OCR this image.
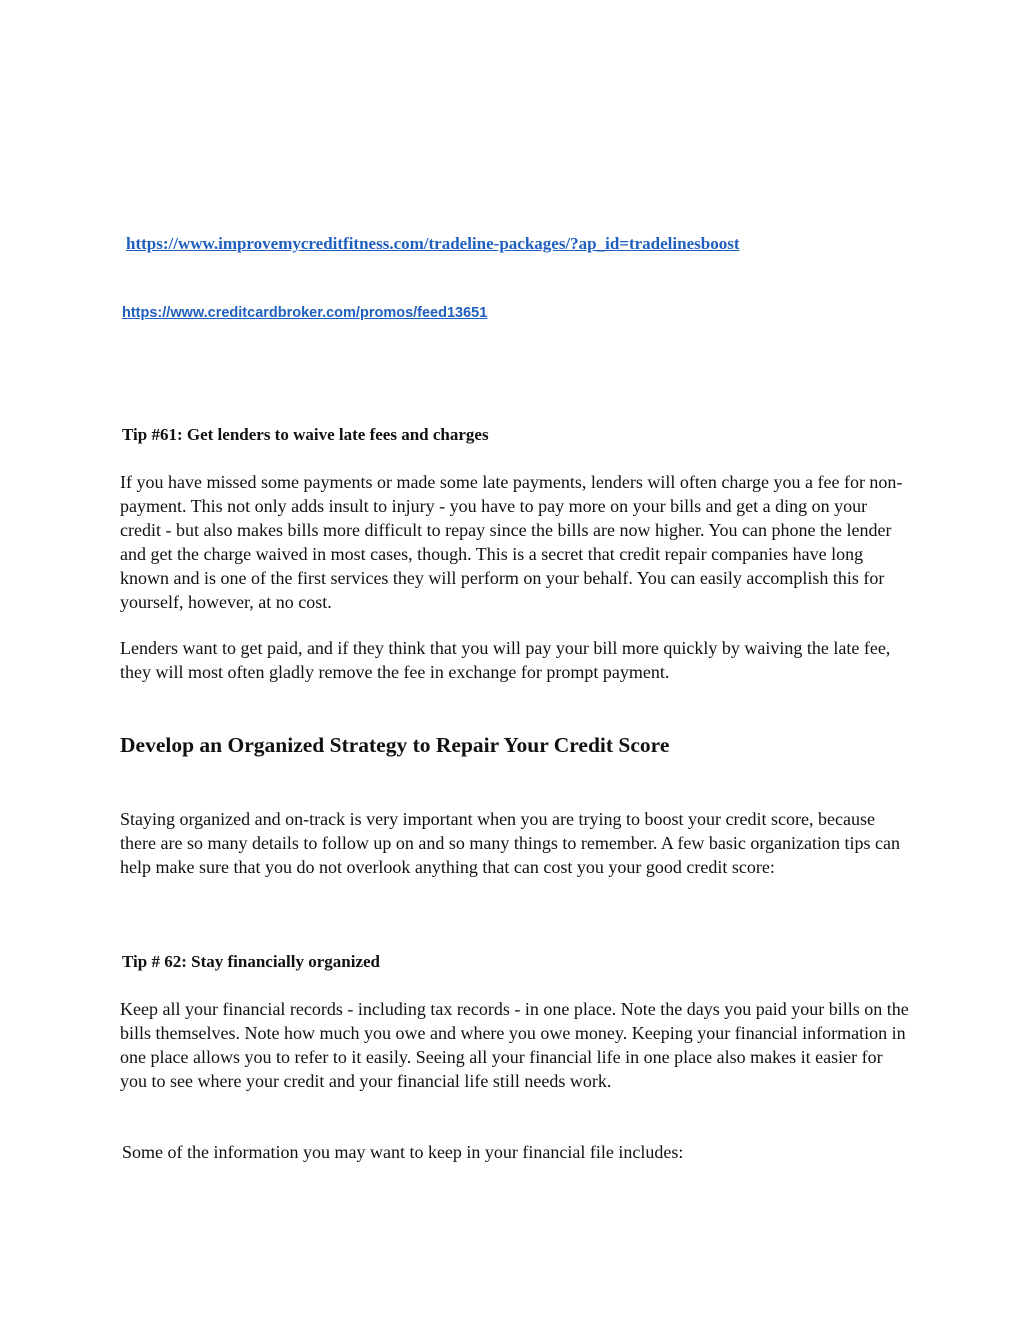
https://www.improvemycreditfitness.com/tradeline-packages/?ap_id=tradelinesboost
https://www.creditcardbroker.com/promos/feed13651
Tip #61: Get lenders to waive late fees and charges

If you have missed some payments or made some late payments, lenders will often charge you a fee for non-payment. This not only adds insult to injury - you have to pay more on your bills and get a ding on your credit - but also makes bills more difficult to repay since the bills are now higher. You can phone the lender and get the charge waived in most cases, though. This is a secret that credit repair companies have long known and is one of the first services they will perform on your behalf. You can easily accomplish this for yourself, however, at no cost.

Lenders want to get paid, and if they think that you will pay your bill more quickly by waiving the late fee, they will most often gladly remove the fee in exchange for prompt payment.

Develop an Organized Strategy to Repair Your Credit Score

Staying organized and on-track is very important when you are trying to boost your credit score, because there are so many details to follow up on and so many things to remember. A few basic organization tips can help make sure that you do not overlook anything that can cost you your good credit score:

Tip # 62: Stay financially organized

Keep all your financial records - including tax records - in one place. Note the days you paid your bills on the bills themselves. Note how much you owe and where you owe money. Keeping your financial information in one place allows you to refer to it easily. Seeing all your financial life in one place also makes it easier for you to see where your credit and your financial life still needs work.

Some of the information you may want to keep in your financial file includes:
